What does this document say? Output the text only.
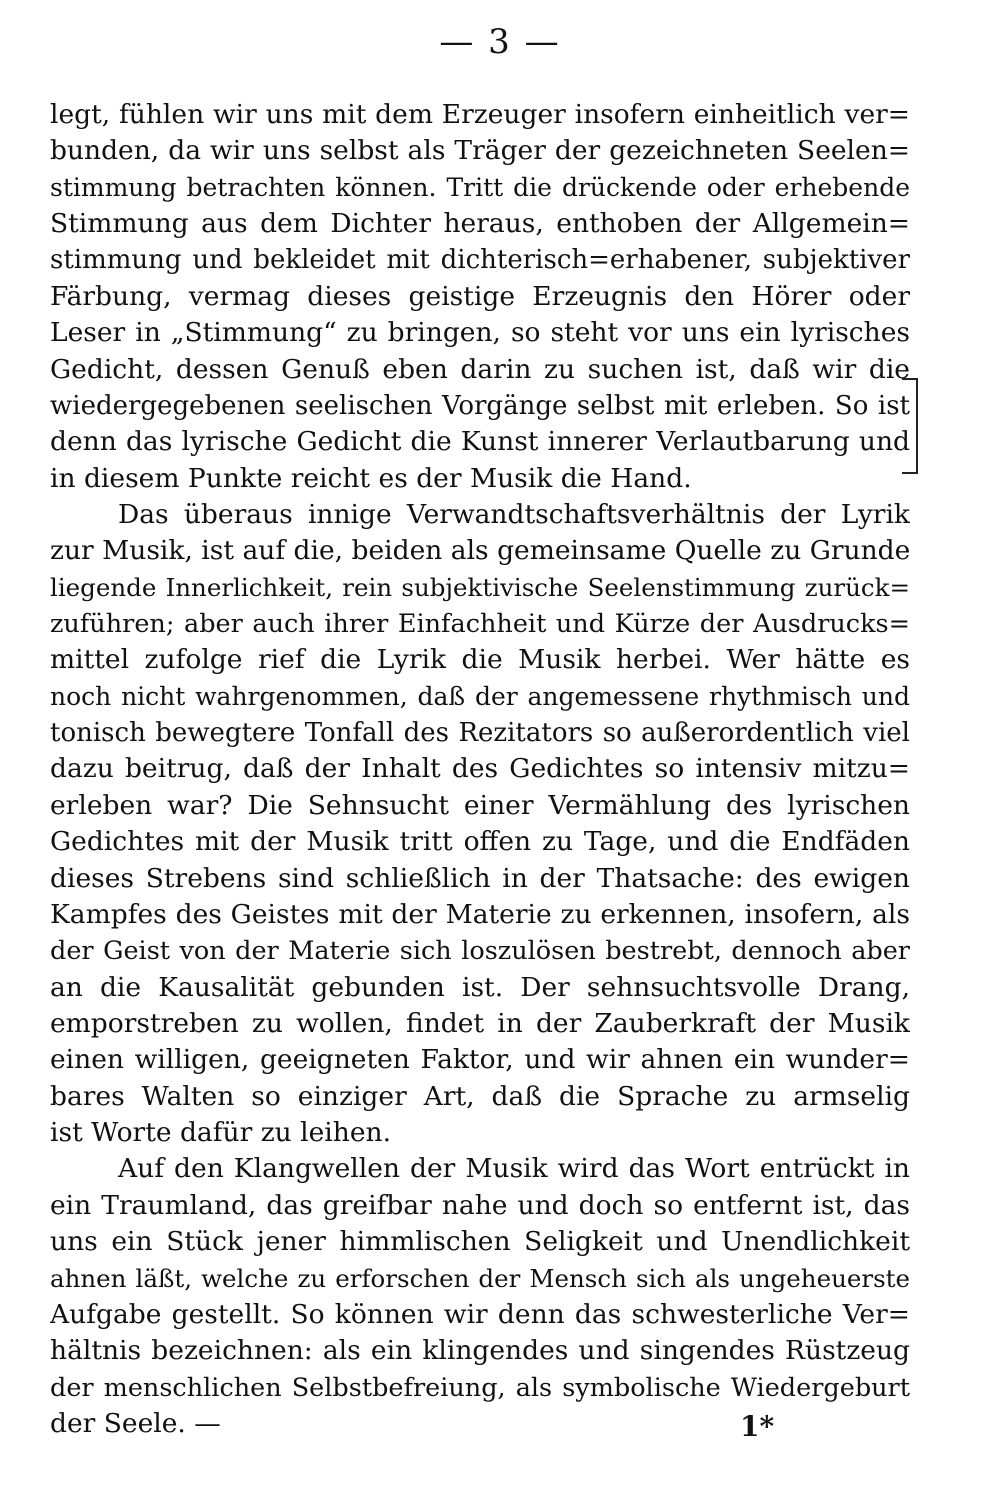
— 3 —
legt, fühlen wir uns mit dem Erzeuger insofern einheitlich ver=
bunden, da wir uns selbst als Träger der gezeichneten Seelen=
stimmung betrachten können. Tritt die drückende oder erhebende
Stimmung aus dem Dichter heraus, enthoben der Allgemein=
stimmung und bekleidet mit dichterisch=erhabener, subjektiver
Färbung, vermag dieses geistige Erzeugnis den Hörer oder
Leser in „Stimmung“ zu bringen, so steht vor uns ein lyrisches
Gedicht, dessen Genuß eben darin zu suchen ist, daß wir die
wiedergegebenen seelischen Vorgänge selbst mit erleben. So ist
denn das lyrische Gedicht die Kunst innerer Verlautbarung und
in diesem Punkte reicht es der Musik die Hand.
Das überaus innige Verwandtschaftsverhältnis der Lyrik
zur Musik, ist auf die, beiden als gemeinsame Quelle zu Grunde
liegende Innerlichkeit, rein subjektivische Seelenstimmung zurück=
zuführen; aber auch ihrer Einfachheit und Kürze der Ausdrucks=
mittel zufolge rief die Lyrik die Musik herbei. Wer hätte es
noch nicht wahrgenommen, daß der angemessene rhythmisch und
tonisch bewegtere Tonfall des Rezitators so außerordentlich viel
dazu beitrug, daß der Inhalt des Gedichtes so intensiv mitzu=
erleben war? Die Sehnsucht einer Vermählung des lyrischen
Gedichtes mit der Musik tritt offen zu Tage, und die Endfäden
dieses Strebens sind schließlich in der Thatsache: des ewigen
Kampfes des Geistes mit der Materie zu erkennen, insofern, als
der Geist von der Materie sich loszulösen bestrebt, dennoch aber
an die Kausalität gebunden ist. Der sehnsuchtsvolle Drang,
emporstreben zu wollen, findet in der Zauberkraft der Musik
einen willigen, geeigneten Faktor, und wir ahnen ein wunder=
bares Walten so einziger Art, daß die Sprache zu armselig
ist Worte dafür zu leihen.
Auf den Klangwellen der Musik wird das Wort entrückt in
ein Traumland, das greifbar nahe und doch so entfernt ist, das
uns ein Stück jener himmlischen Seligkeit und Unendlichkeit
ahnen läßt, welche zu erforschen der Mensch sich als ungeheuerste
Aufgabe gestellt. So können wir denn das schwesterliche Ver=
hältnis bezeichnen: als ein klingendes und singendes Rüstzeug
der menschlichen Selbstbefreiung, als symbolische Wiedergeburt
der Seele. —	1*
